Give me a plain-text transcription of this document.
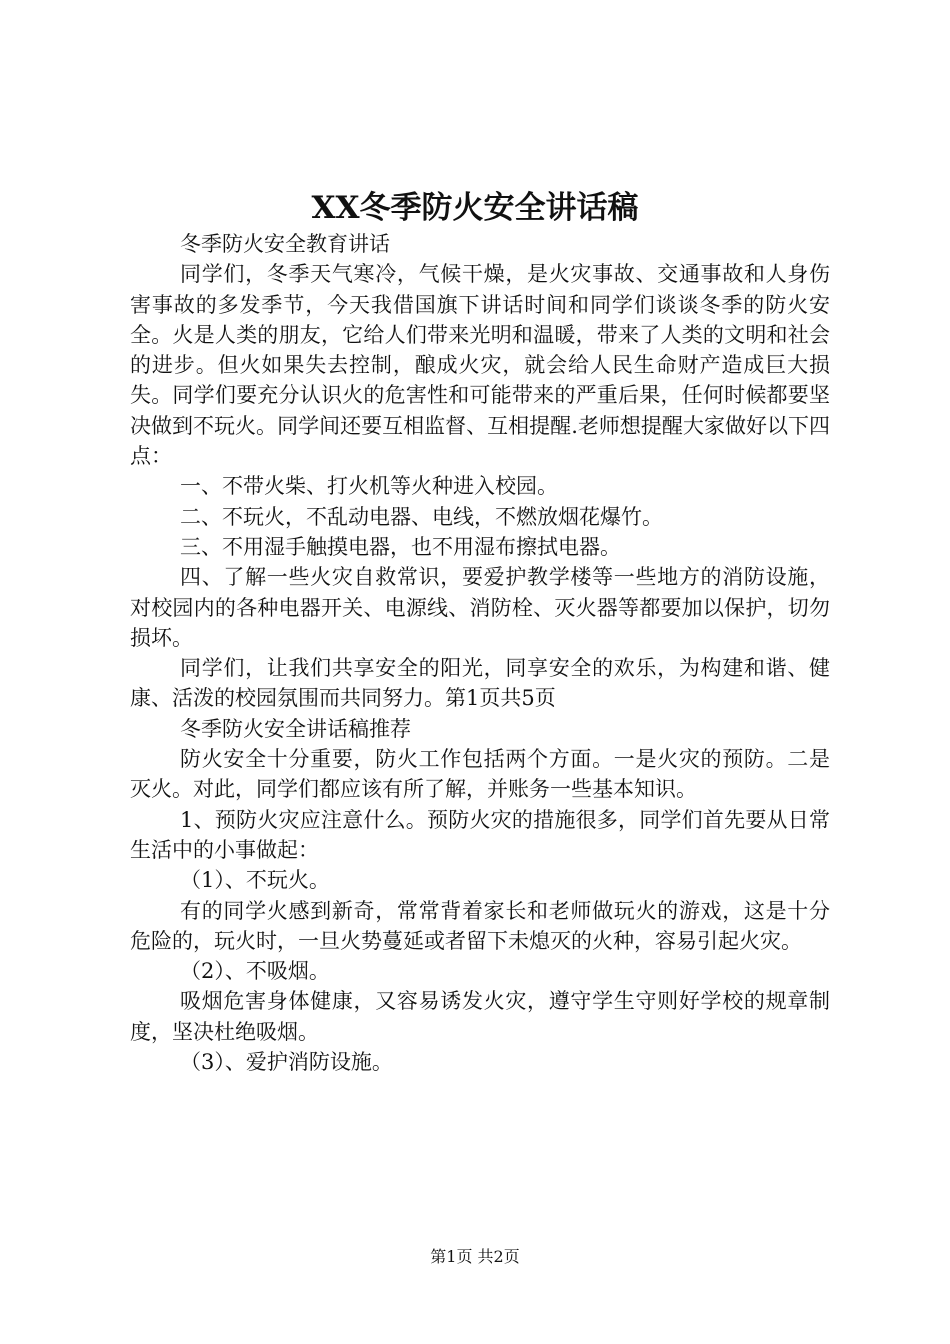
XX冬季防火安全讲话稿

冬季防火安全教育讲话

同学们，冬季天气寒冷，气候干燥，是火灾事故、交通事故和人身伤害事故的多发季节，今天我借国旗下讲话时间和同学们谈谈冬季的防火安全。火是人类的朋友，它给人们带来光明和温暖，带来了人类的文明和社会的进步。但火如果失去控制，酿成火灾，就会给人民生命财产造成巨大损失。同学们要充分认识火的危害性和可能带来的严重后果，任何时候都要坚决做到不玩火。同学间还要互相监督、互相提醒.老师想提醒大家做好以下四点：

一、不带火柴、打火机等火种进入校园。

二、不玩火，不乱动电器、电线，不燃放烟花爆竹。

三、不用湿手触摸电器，也不用湿布擦拭电器。

四、了解一些火灾自救常识，要爱护教学楼等一些地方的消防设施，对校园内的各种电器开关、电源线、消防栓、灭火器等都要加以保护，切勿损坏。

同学们，让我们共享安全的阳光，同享安全的欢乐，为构建和谐、健康、活泼的校园氛围而共同努力。第1页共5页

冬季防火安全讲话稿推荐

防火安全十分重要，防火工作包括两个方面。一是火灾的预防。二是灭火。对此，同学们都应该有所了解，并账务一些基本知识。

1、预防火灾应注意什么。预防火灾的措施很多，同学们首先要从日常生活中的小事做起：

（1）、不玩火。

有的同学火感到新奇，常常背着家长和老师做玩火的游戏，这是十分危险的，玩火时，一旦火势蔓延或者留下未熄灭的火种，容易引起火灾。

（2）、不吸烟。

吸烟危害身体健康，又容易诱发火灾，遵守学生守则好学校的规章制度，坚决杜绝吸烟。

（3）、爱护消防设施。

第1页 共2页
